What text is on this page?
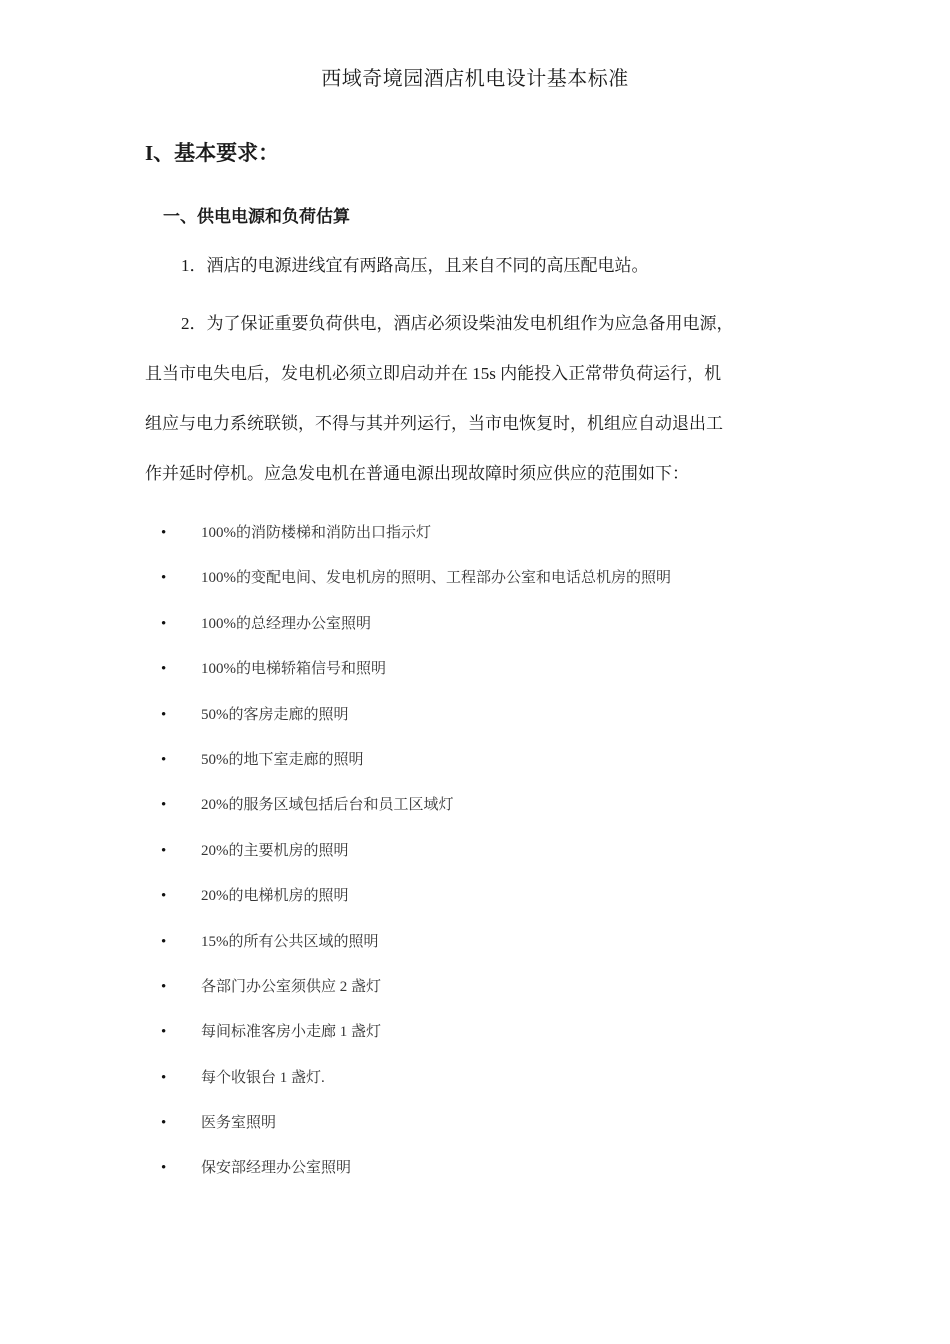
西域奇境园酒店机电设计基本标准
I、基本要求：
一、供电电源和负荷估算
1．酒店的电源进线宜有两路高压，且来自不同的高压配电站。
2．为了保证重要负荷供电，酒店必须设柴油发电机组作为应急备用电源，
且当市电失电后，发电机必须立即启动并在 15s 内能投入正常带负荷运行，机
组应与电力系统联锁，不得与其并列运行，当市电恢复时，机组应自动退出工
作并延时停机。应急发电机在普通电源出现故障时须应供应的范围如下：
•	100%的消防楼梯和消防出口指示灯
•	100%的变配电间、发电机房的照明、工程部办公室和电话总机房的照明
•	100%的总经理办公室照明
•	100%的电梯轿箱信号和照明
•	50%的客房走廊的照明
•	50%的地下室走廊的照明
•	20%的服务区域包括后台和员工区域灯
•	20%的主要机房的照明
•	20%的电梯机房的照明
•	15%的所有公共区域的照明
•	各部门办公室须供应 2 盏灯
•	每间标准客房小走廊 1 盏灯
•	每个收银台 1 盏灯.
•	医务室照明
•	保安部经理办公室照明
